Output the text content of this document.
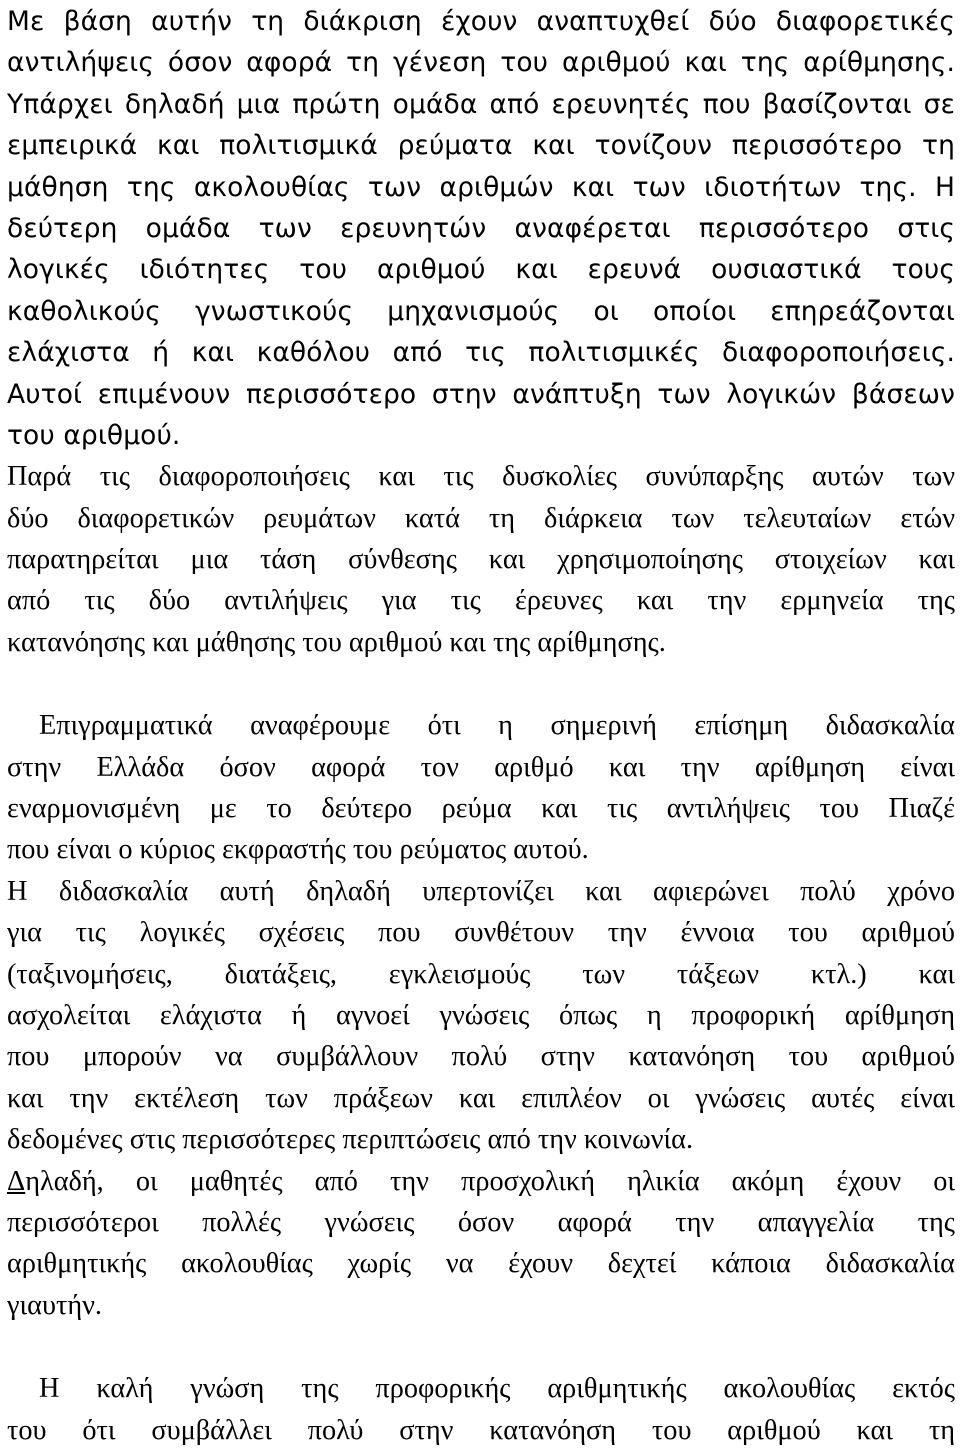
Με βάση αυτήν τη διάκριση έχουν αναπτυχθεί δύο διαφορετικές
αντιλήψεις όσον αφορά τη γένεση του αριθμού και της αρίθμησης.
Υπάρχει δηλαδή μια πρώτη ομάδα από ερευνητές που βασίζονται σε
εμπειρικά και πολιτισμικά ρεύματα και τονίζουν περισσότερο τη
μάθηση της ακολουθίας των αριθμών και των ιδιοτήτων της. Η
δεύτερη ομάδα των ερευνητών αναφέρεται περισσότερο στις
λογικές ιδιότητες του αριθμού και ερευνά ουσιαστικά τους
καθολικούς γνωστικούς μηχανισμούς οι οποίοι επηρεάζονται
ελάχιστα ή και καθόλου από τις πολιτισμικές διαφοροποιήσεις.
Αυτοί επιμένουν περισσότερο στην ανάπτυξη των λογικών βάσεων
του αριθμού.
Παρά τις διαφοροποιήσεις και τις δυσκολίες συνύπαρξης αυτών των
δύο διαφορετικών ρευμάτων κατά τη διάρκεια των τελευταίων ετών
παρατηρείται μια τάση σύνθεσης και χρησιμοποίησης στοιχείων και
από τις δύο αντιλήψεις για τις έρευνες και την ερμηνεία της
κατανόησης και μάθησης του αριθμού και της αρίθμησης.
Επιγραμματικά αναφέρουμε ότι η σημερινή επίσημη διδασκαλία
στην Ελλάδα όσον αφορά τον αριθμό και την αρίθμηση είναι
εναρμονισμένη με το δεύτερο ρεύμα και τις αντιλήψεις του Πιαζέ
που είναι ο κύριος εκφραστής του ρεύματος αυτού.
Η διδασκαλία αυτή δηλαδή υπερτονίζει και αφιερώνει πολύ χρόνο
για τις λογικές σχέσεις που συνθέτουν την έννοια του αριθμού
(ταξινομήσεις, διατάξεις, εγκλεισμούς των τάξεων κτλ.) και
ασχολείται ελάχιστα ή αγνοεί γνώσεις όπως η προφορική αρίθμηση
που μπορούν να συμβάλλουν πολύ στην κατανόηση του αριθμού
και την εκτέλεση των πράξεων και επιπλέον οι γνώσεις αυτές είναι
δεδομένες στις περισσότερες περιπτώσεις από την κοινωνία.
Δηλαδή, οι μαθητές από την προσχολική ηλικία ακόμη έχουν οι
περισσότεροι πολλές γνώσεις όσον αφορά την απαγγελία της
αριθμητικής ακολουθίας χωρίς να έχουν δεχτεί κάποια διδασκαλία
γιαυτήν.
Η καλή γνώση της προφορικής αριθμητικής ακολουθίας εκτός
του ότι συμβάλλει πολύ στην κατανόηση του αριθμού και τη
